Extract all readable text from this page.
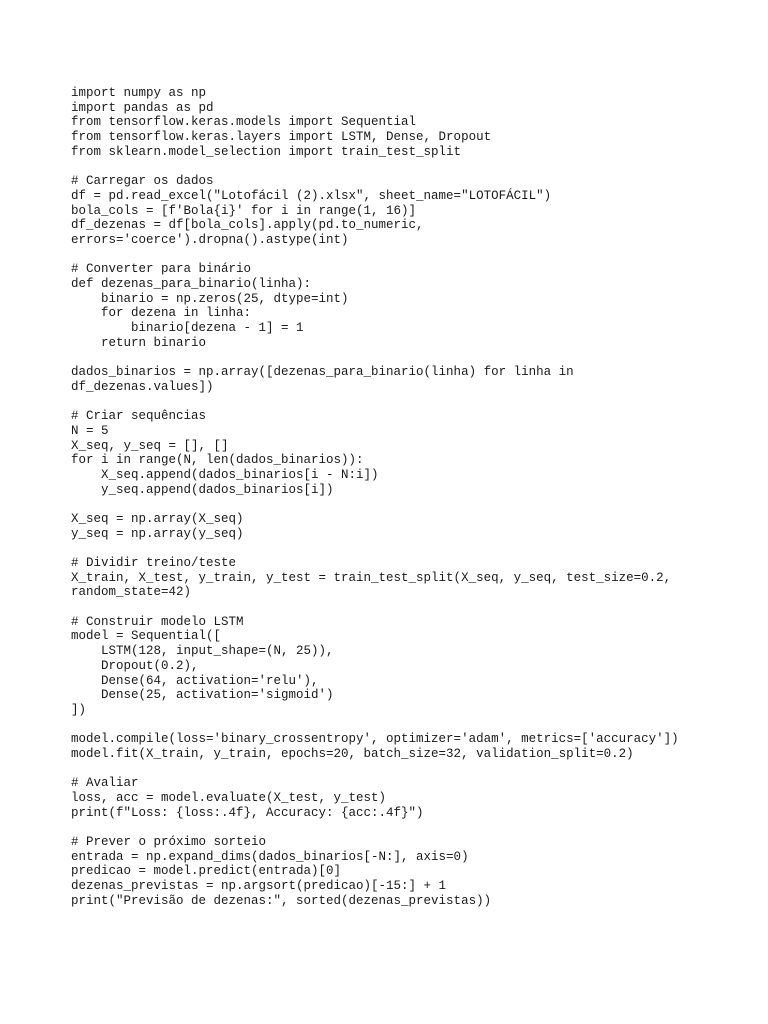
import numpy as np
import pandas as pd
from tensorflow.keras.models import Sequential
from tensorflow.keras.layers import LSTM, Dense, Dropout
from sklearn.model_selection import train_test_split
# Carregar os dados
df = pd.read_excel("Lotofácil (2).xlsx", sheet_name="LOTOFÁCIL")
bola_cols = [f'Bola{i}' for i in range(1, 16)]
df_dezenas = df[bola_cols].apply(pd.to_numeric,
errors='coerce').dropna().astype(int)
# Converter para binário
def dezenas_para_binario(linha):
binario = np.zeros(25, dtype=int)
for dezena in linha:
binario[dezena - 1] = 1
return binario
dados_binarios = np.array([dezenas_para_binario(linha) for linha in
df_dezenas.values])
# Criar sequências
N = 5
X_seq, y_seq = [], []
for i in range(N, len(dados_binarios)):
X_seq.append(dados_binarios[i - N:i])
y_seq.append(dados_binarios[i])
X_seq = np.array(X_seq)
y_seq = np.array(y_seq)
# Dividir treino/teste
X_train, X_test, y_train, y_test = train_test_split(X_seq, y_seq, test_size=0.2,
random_state=42)
# Construir modelo LSTM
model = Sequential([
LSTM(128, input_shape=(N, 25)),
Dropout(0.2),
Dense(64, activation='relu'),
Dense(25, activation='sigmoid')
])
model.compile(loss='binary_crossentropy', optimizer='adam', metrics=['accuracy'])
model.fit(X_train, y_train, epochs=20, batch_size=32, validation_split=0.2)
# Avaliar
loss, acc = model.evaluate(X_test, y_test)
print(f"Loss: {loss:.4f}, Accuracy: {acc:.4f}")
# Prever o próximo sorteio
entrada = np.expand_dims(dados_binarios[-N:], axis=0)
predicao = model.predict(entrada)[0]
dezenas_previstas = np.argsort(predicao)[-15:] + 1
print("Previsão de dezenas:", sorted(dezenas_previstas))
